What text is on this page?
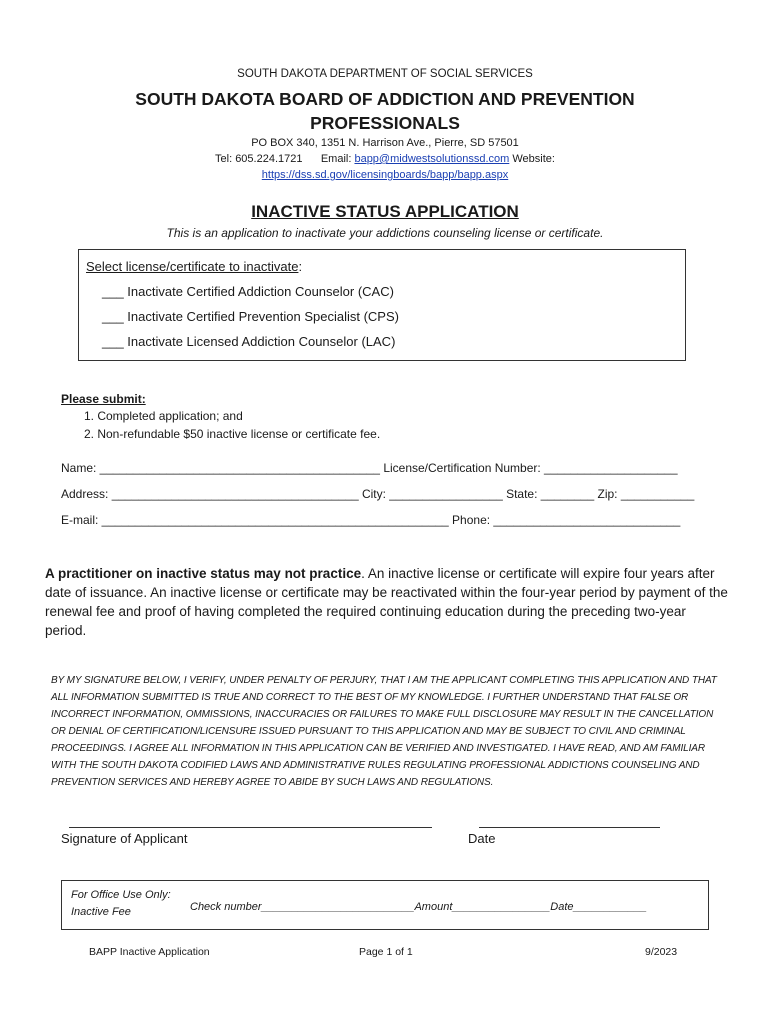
SOUTH DAKOTA DEPARTMENT OF SOCIAL SERVICES
SOUTH DAKOTA BOARD OF ADDICTION AND PREVENTION
PROFESSIONALS
PO BOX 340, 1351 N. Harrison Ave., Pierre, SD 57501
Tel: 605.224.1721 Email: bapp@midwestsolutionssd.com Website:
https://dss.sd.gov/licensingboards/bapp/bapp.aspx
INACTIVE STATUS APPLICATION
This is an application to inactivate your addictions counseling license or certificate.
Select license/certificate to inactivate:
___ Inactivate Certified Addiction Counselor (CAC)
___ Inactivate Certified Prevention Specialist (CPS)
___ Inactivate Licensed Addiction Counselor (LAC)
Please submit:
1. Completed application; and
2. Non-refundable $50 inactive license or certificate fee.
Name: __________________________________________ License/Certification Number: ____________________
Address: _____________________________________ City: _________________ State: ________ Zip: ___________
E-mail: ____________________________________________________ Phone: ____________________________
A practitioner on inactive status may not practice. An inactive license or certificate will expire four years after date of issuance. An inactive license or certificate may be reactivated within the four-year period by payment of the renewal fee and proof of having completed the required continuing education during the preceding two-year period.
BY MY SIGNATURE BELOW, I VERIFY, UNDER PENALTY OF PERJURY, THAT I AM THE APPLICANT COMPLETING THIS APPLICATION AND THAT ALL INFORMATION SUBMITTED IS TRUE AND CORRECT TO THE BEST OF MY KNOWLEDGE. I FURTHER UNDERSTAND THAT FALSE OR INCORRECT INFORMATION, OMMISSIONS, INACCURACIES OR FAILURES TO MAKE FULL DISCLOSURE MAY RESULT IN THE CANCELLATION OR DENIAL OF CERTIFICATION/LICENSURE ISSUED PURSUANT TO THIS APPLICATION AND MAY BE SUBJECT TO CIVIL AND CRIMINAL PROCEEDINGS. I AGREE ALL INFORMATION IN THIS APPLICATION CAN BE VERIFIED AND INVESTIGATED. I HAVE READ, AND AM FAMILIAR WITH THE SOUTH DAKOTA CODIFIED LAWS AND ADMINISTRATIVE RULES REGULATING PROFESSIONAL ADDICTIONS COUNSELING AND PREVENTION SERVICES AND HEREBY AGREE TO ABIDE BY SUCH LAWS AND REGULATIONS.
Signature of Applicant	Date
For Office Use Only:
Inactive Fee	Check number_________________________Amount________________Date____________
BAPP Inactive Application	Page 1 of 1	9/2023
